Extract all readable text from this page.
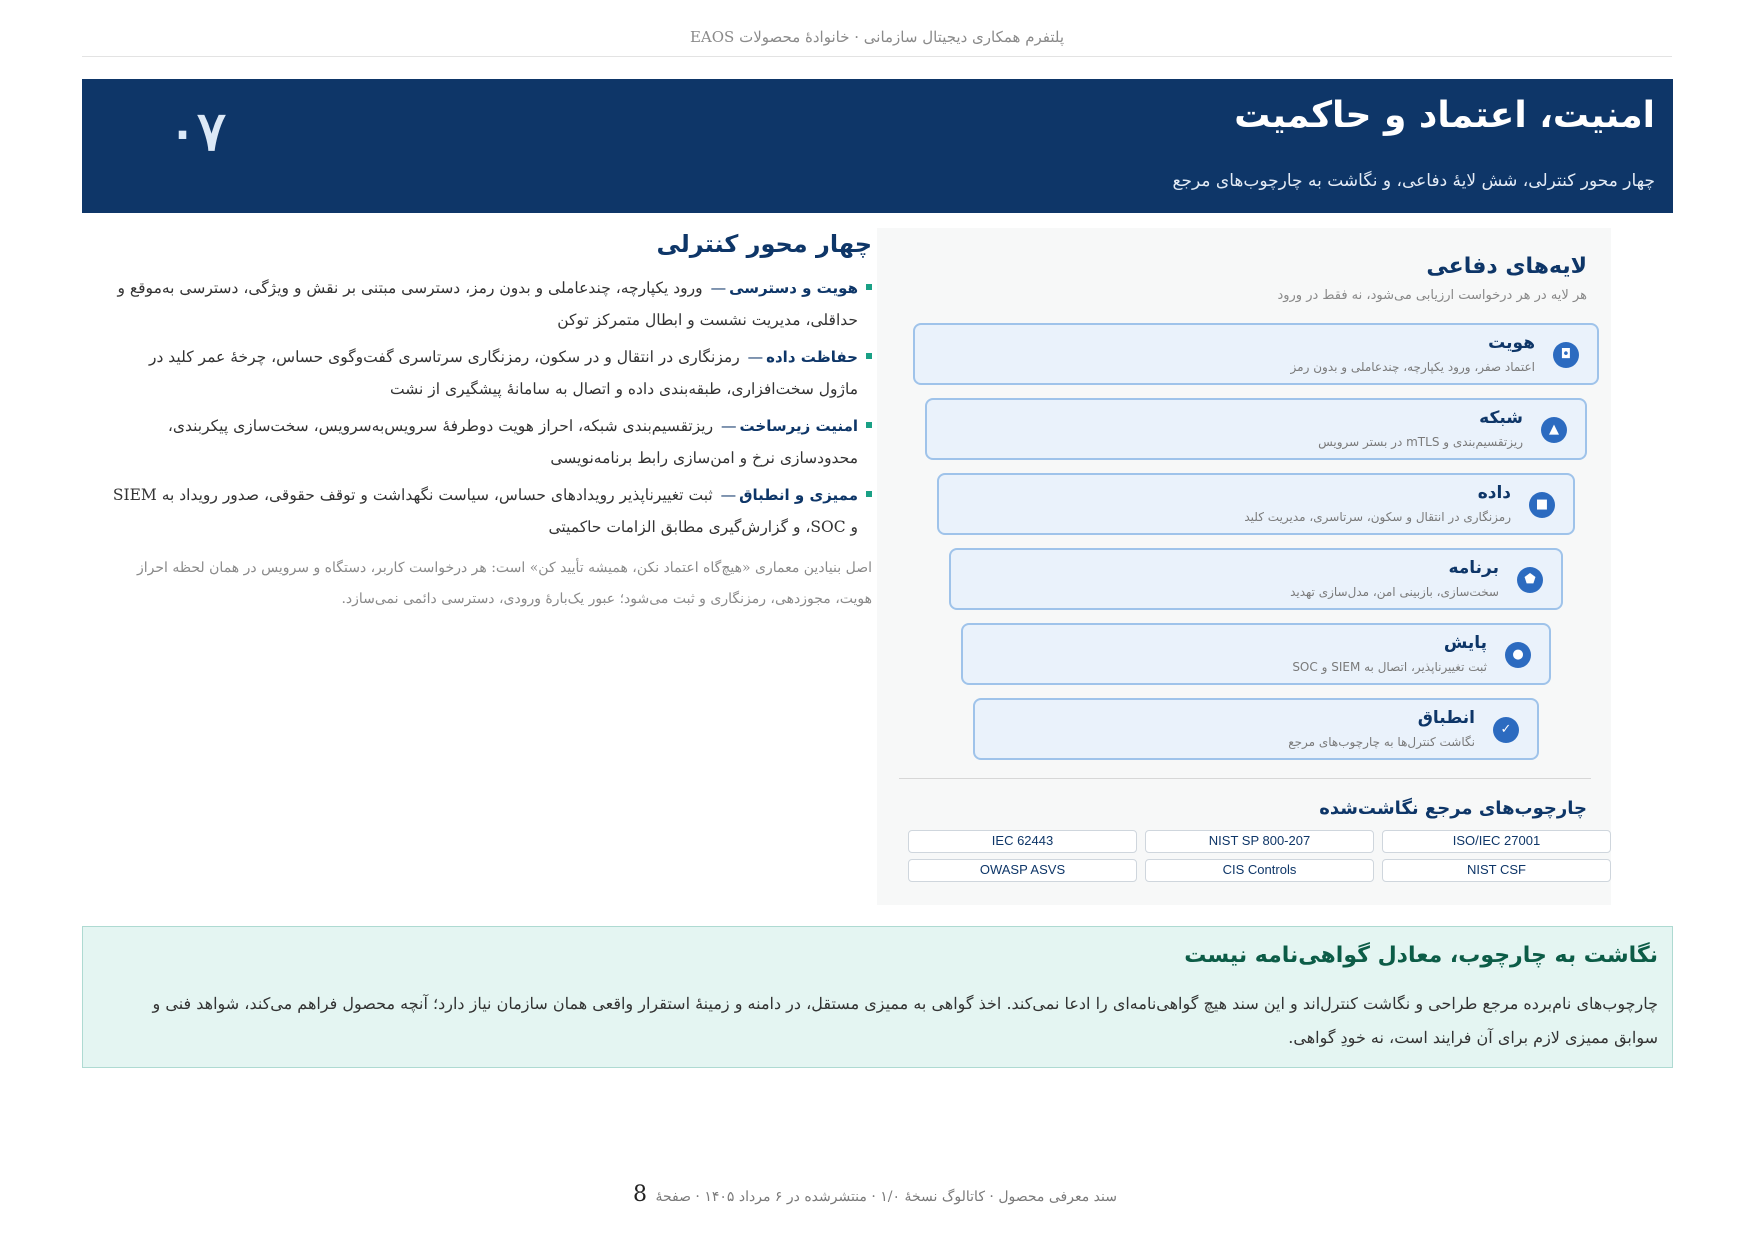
پلتفرم همکاری دیجیتال سازمانی · خانوادهٔ محصولات EAOS
امنیت، اعتماد و حاکمیت
چهار محور کنترلی، شش لایهٔ دفاعی، و نگاشت به چارچوب‌های مرجع
۰۷
چهار محور کنترلی
هویت و دسترسی— ورود یکپارچه، چندعاملی و بدون رمز، دسترسی مبتنی بر نقش و ویژگی، دسترسی به‌موقع و حداقلی، مدیریت نشست و ابطال متمرکز توکن
حفاظت داده— رمزنگاری در انتقال و در سکون، رمزنگاری سرتاسری گفت‌وگوی حساس، چرخهٔ عمر کلید در ماژول سخت‌افزاری، طبقه‌بندی داده و اتصال به سامانهٔ پیشگیری از نشت
امنیت زیرساخت— ریزتقسیم‌بندی شبکه، احراز هویت دوطرفهٔ سرویس‌به‌سرویس، سخت‌سازی پیکربندی، محدودسازی نرخ و امن‌سازی رابط برنامه‌نویسی
ممیزی و انطباق— ثبت تغییرناپذیر رویدادهای حساس، سیاست نگهداشت و توقف حقوقی، صدور رویداد به SIEM و SOC، و گزارش‌گیری مطابق الزامات حاکمیتی
اصل بنیادین معماری «هیچ‌گاه اعتماد نکن، همیشه تأیید کن» است: هر درخواست کاربر، دستگاه و سرویس در همان لحظه احراز هویت، مجوزدهی، رمزنگاری و ثبت می‌شود؛ عبور یک‌بارهٔ ورودی، دسترسی دائمی نمی‌سازد.
لایه‌های دفاعی
هر لایه در هر درخواست ارزیابی می‌شود، نه فقط در ورود
◘
هویت
اعتماد صفر، ورود یکپارچه، چندعاملی و بدون رمز
▲
شبکه
ریزتقسیم‌بندی و mTLS در بستر سرویس
■
داده
رمزنگاری در انتقال و سکون، سرتاسری، مدیریت کلید
⬟
برنامه
سخت‌سازی، بازبینی امن، مدل‌سازی تهدید
●
پایش
ثبت تغییرناپذیر، اتصال به SIEM و SOC
✓
انطباق
نگاشت کنترل‌ها به چارچوب‌های مرجع
چارچوب‌های مرجع نگاشت‌شده
ISO/IEC 27001
NIST SP 800-207
IEC 62443
NIST CSF
CIS Controls
OWASP ASVS
نگاشت به چارچوب، معادل گواهی‌نامه نیست
چارچوب‌های نام‌برده مرجع طراحی و نگاشت کنترل‌اند و این سند هیچ گواهی‌نامه‌ای را ادعا نمی‌کند. اخذ گواهی به ممیزی مستقل، در دامنه و زمینهٔ استقرار واقعی همان سازمان نیاز دارد؛ آنچه محصول فراهم می‌کند، شواهد فنی و سوابق ممیزی لازم برای آن فرایند است، نه خودِ گواهی.
سند معرفی محصول · کاتالوگ نسخهٔ ۱/۰ · منتشرشده در ۶ مرداد ۱۴۰۵ · صفحهٔ 8
